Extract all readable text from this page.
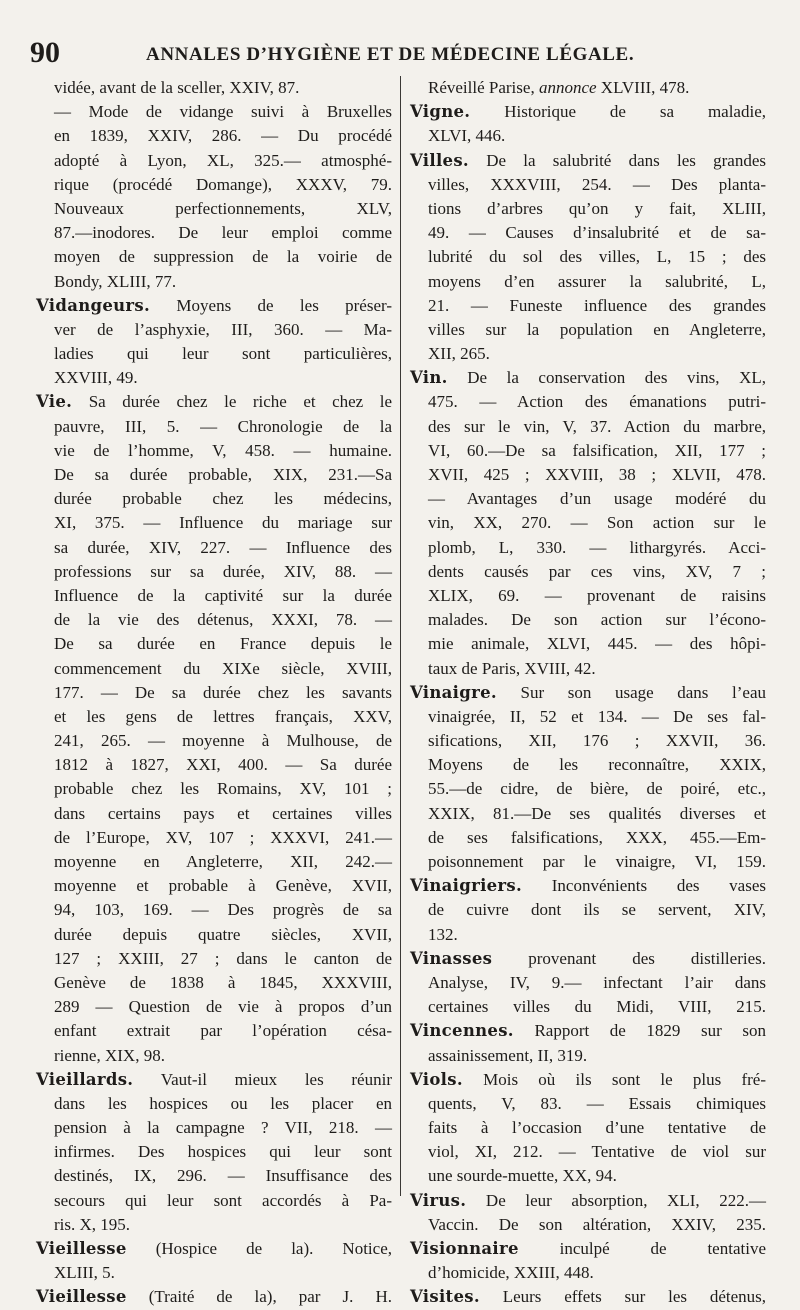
90	ANNALES D’HYGIÈNE ET DE MÉDECINE LÉGALE.
vidée, avant de la sceller, XXIV, 87.
— Mode de vidange suivi à Bruxelles
en 1839, XXIV, 286. — Du procédé
adopté à Lyon, XL, 325.— atmosphé-
rique (procédé Domange), XXXV, 79.
Nouveaux perfectionnements, XLV,
87.—inodores. De leur emploi comme
moyen de suppression de la voirie de
Bondy, XLIII, 77.
Vidangeurs. Moyens de les préser-
ver de l’asphyxie, III, 360. — Ma-
ladies qui leur sont particulières,
XXVIII, 49.
Vie. Sa durée chez le riche et chez le
pauvre, III, 5. — Chronologie de la
vie de l’homme, V, 458. — humaine.
De sa durée probable, XIX, 231.—Sa
durée probable chez les médecins,
XI, 375. — Influence du mariage sur
sa durée, XIV, 227. — Influence des
professions sur sa durée, XIV, 88. —
Influence de la captivité sur la durée
de la vie des détenus, XXXI, 78. —
De sa durée en France depuis le
commencement du XIXe siècle, XVIII,
177. — De sa durée chez les savants
et les gens de lettres français, XXV,
241, 265. — moyenne à Mulhouse, de
1812 à 1827, XXI, 400. — Sa durée
probable chez les Romains, XV, 101 ;
dans certains pays et certaines villes
de l’Europe, XV, 107 ; XXXVI, 241.—
moyenne en Angleterre, XII, 242.—
moyenne et probable à Genève, XVII,
94, 103, 169. — Des progrès de sa
durée depuis quatre siècles, XVII,
127 ; XXIII, 27 ; dans le canton de
Genève de 1838 à 1845, XXXVIII,
289 — Question de vie à propos d’un
enfant extrait par l’opération césa-
rienne, XIX, 98.
Vieillards. Vaut-il mieux les réunir
dans les hospices ou les placer en
pension à la campagne ? VII, 218. —
infirmes. Des hospices qui leur sont
destinés, IX, 296. — Insuffisance des
secours qui leur sont accordés à Pa-
ris. X, 195.
Vieillesse (Hospice de la). Notice,
XLIII, 5.
Vieillesse (Traité de la), par J. H.
Réveillé Parise, annonce XLVIII, 478.
Vigne. Historique de sa maladie,
XLVI, 446.
Villes. De la salubrité dans les grandes
villes, XXXVIII, 254. — Des planta-
tions d’arbres qu’on y fait, XLIII,
49. — Causes d’insalubrité et de sa-
lubrité du sol des villes, L, 15 ; des
moyens d’en assurer la salubrité, L,
21. — Funeste influence des grandes
villes sur la population en Angleterre,
XII, 265.
Vin. De la conservation des vins, XL,
475. — Action des émanations putri-
des sur le vin, V, 37. Action du marbre,
VI, 60.—De sa falsification, XII, 177 ;
XVII, 425 ; XXVIII, 38 ; XLVII, 478.
— Avantages d’un usage modéré du
vin, XX, 270. — Son action sur le
plomb, L, 330. — lithargyrés. Acci-
dents causés par ces vins, XV, 7 ;
XLIX, 69. — provenant de raisins
malades. De son action sur l’écono-
mie animale, XLVI, 445. — des hôpi-
taux de Paris, XVIII, 42.
Vinaigre. Sur son usage dans l’eau
vinaigrée, II, 52 et 134. — De ses fal-
sifications, XII, 176 ; XXVII, 36.
Moyens de les reconnaître, XXIX,
55.—de cidre, de bière, de poiré, etc.,
XXIX, 81.—De ses qualités diverses et
de ses falsifications, XXX, 455.—Em-
poisonnement par le vinaigre, VI, 159.
Vinaigriers. Inconvénients des vases
de cuivre dont ils se servent, XIV,
132.
Vinasses provenant des distilleries.
Analyse, IV, 9.— infectant l’air dans
certaines villes du Midi, VIII, 215.
Vincennes. Rapport de 1829 sur son
assainissement, II, 319.
Viols. Mois où ils sont le plus fré-
quents, V, 83. — Essais chimiques
faits à l’occasion d’une tentative de
viol, XI, 212. — Tentative de viol sur
une sourde-muette, XX, 94.
Virus. De leur absorption, XLI, 222.—
Vaccin. De son altération, XXIV, 235.
Visionnaire inculpé de tentative
d’homicide, XXIII, 448.
Visites. Leurs effets sur les détenus,
